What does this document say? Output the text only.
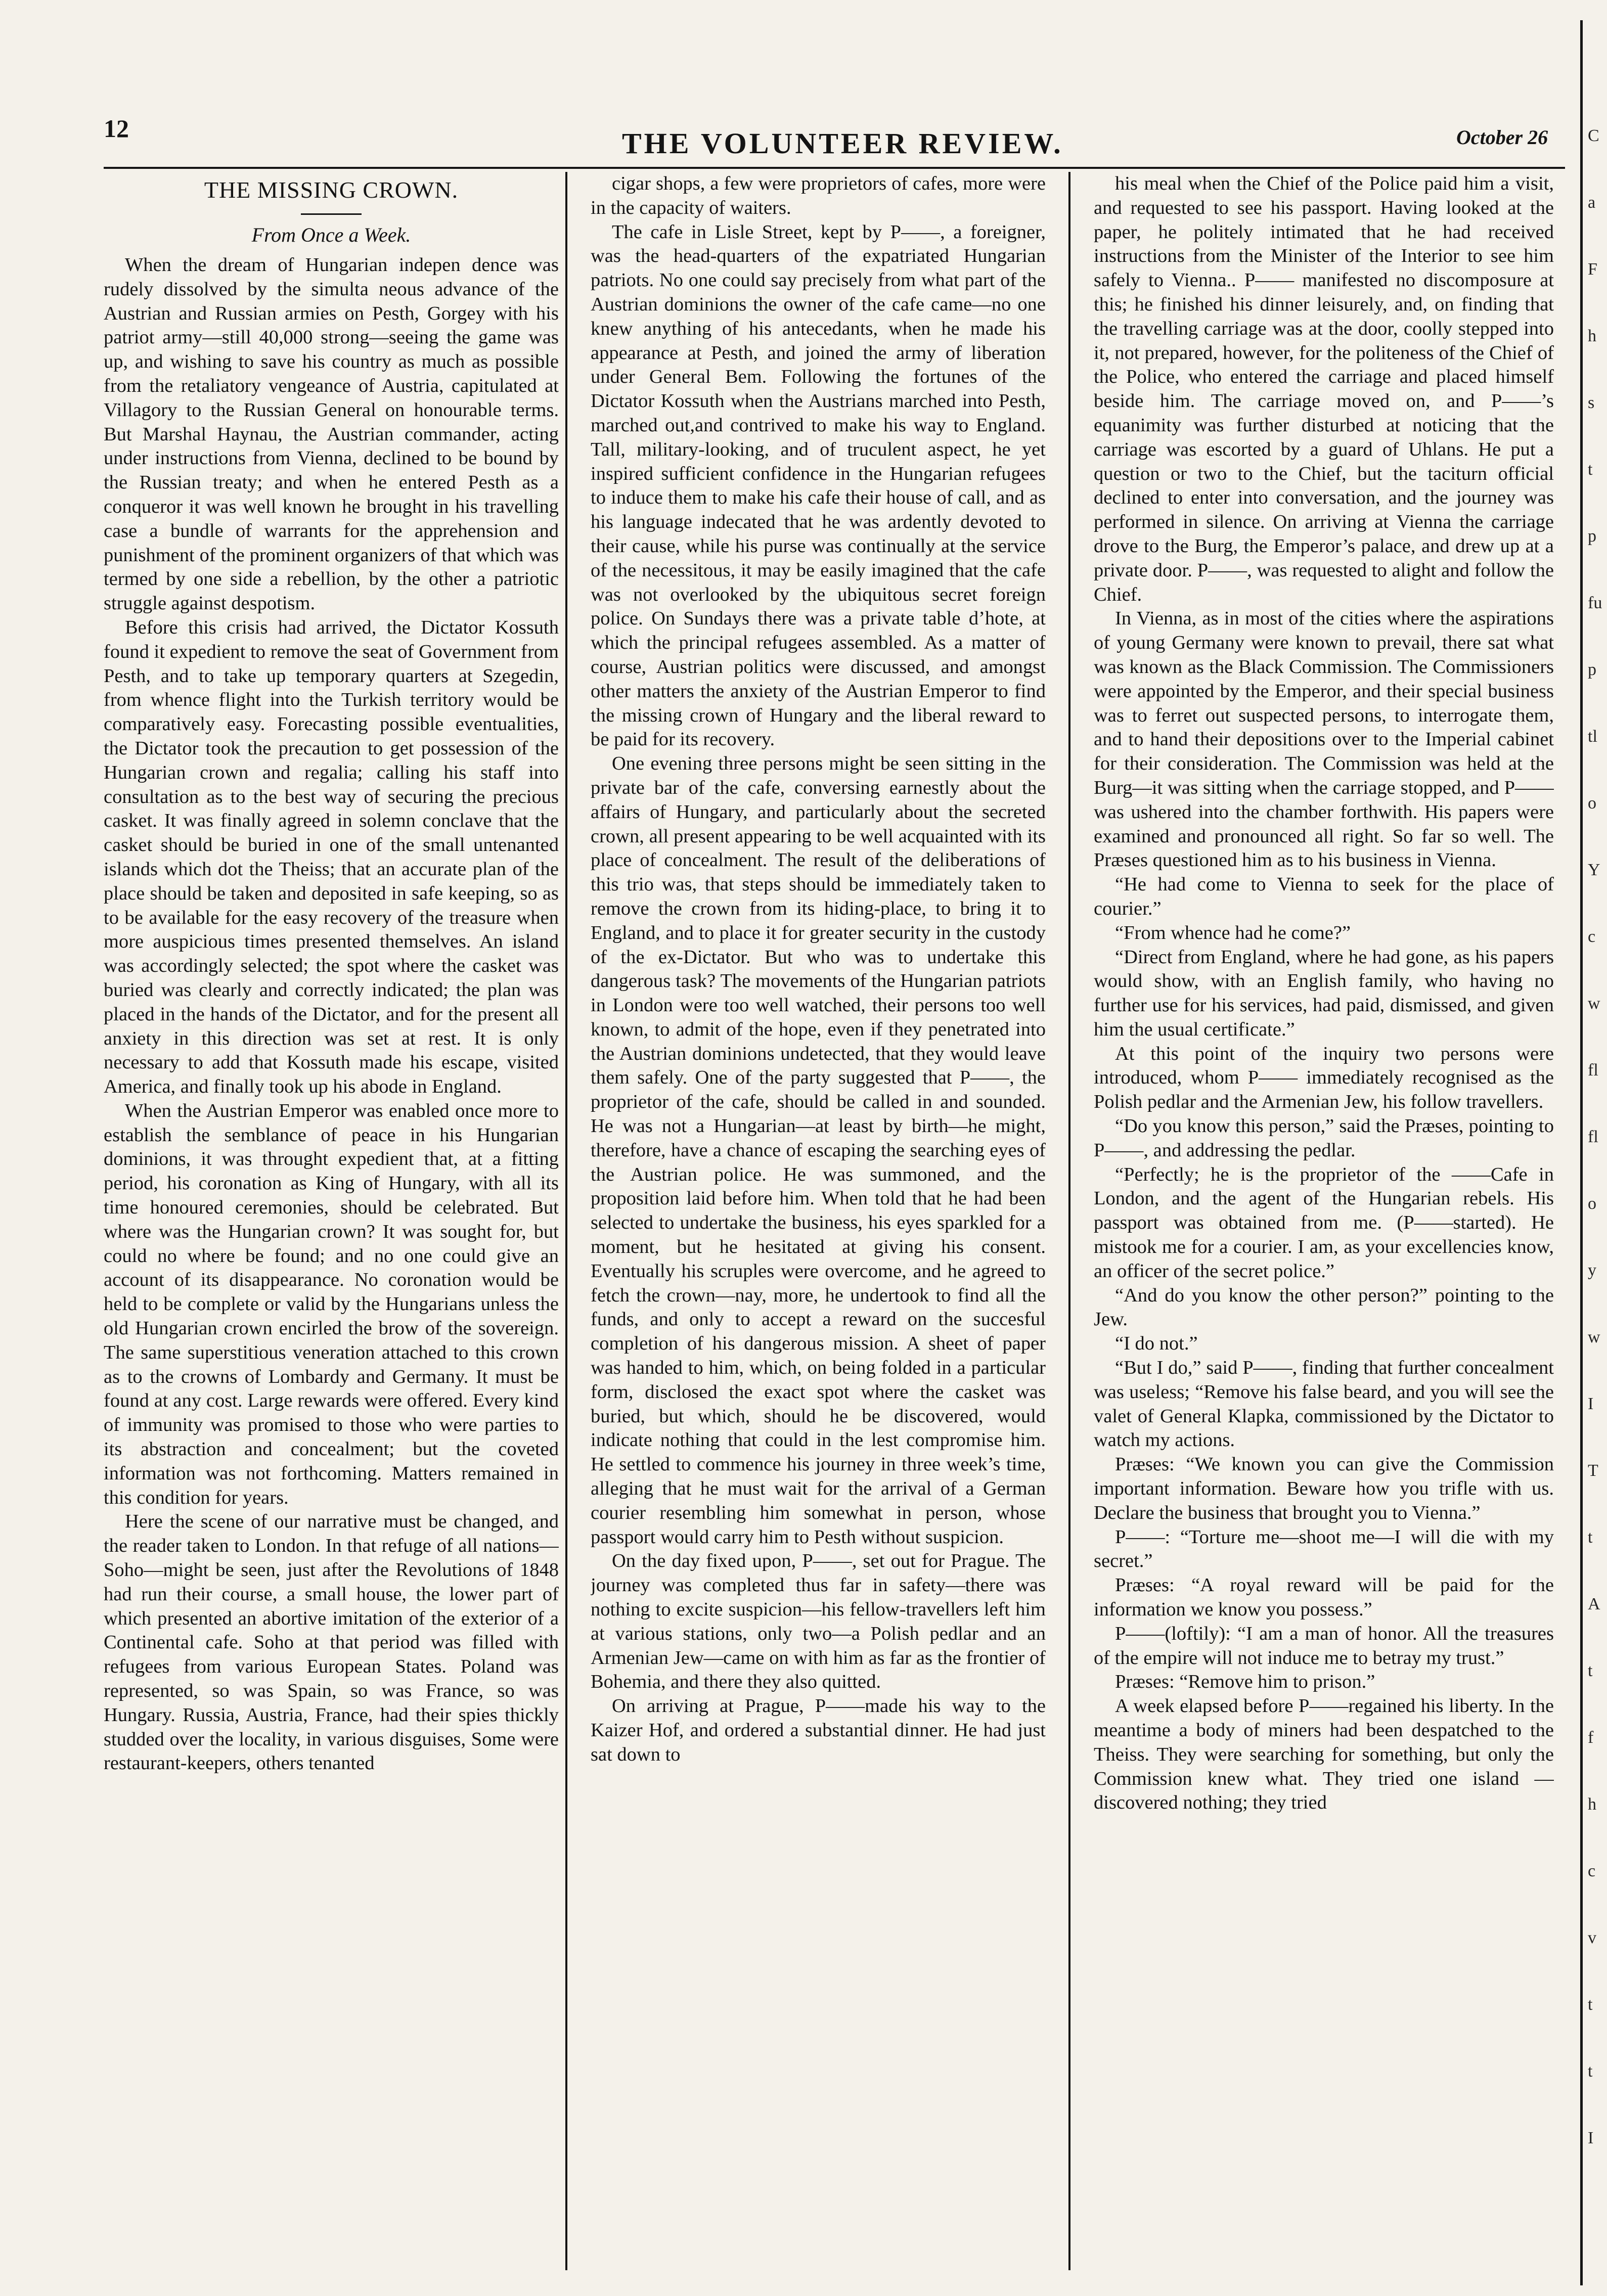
12	THE VOLUNTEER REVIEW.	October 26 C
a
F
h
s
t
p
fu
p
tl
o
Y
c
w
fl
fl
o
y
w
I
T
t
A
t
f
h
c
v
t
t
I
THE MISSING CROWN.
From Once a Week.

When the dream of Hungarian indepen dence was rudely dissolved by the simulta neous advance of the Austrian and Russian armies on Pesth, Gorgey with his patriot army—still 40,000 strong—seeing the game was up, and wishing to save his country as much as possible from the retaliatory vengeance of Austria, capitulated at Villagory to the Russian General on honourable terms. But Marshal Haynau, the Austrian commander, acting under instructions from Vienna, declined to be bound by the Russian treaty; and when he entered Pesth as a conqueror it was well known he brought in his travelling case a bundle of warrants for the apprehension and punishment of the prominent organizers of that which was termed by one side a rebellion, by the other a patriotic struggle against despotism.

Before this crisis had arrived, the Dictator Kossuth found it expedient to remove the seat of Government from Pesth, and to take up temporary quarters at Szegedin, from whence flight into the Turkish territory would be comparatively easy. Forecasting possible eventualities, the Dictator took the precaution to get possession of the Hungarian crown and regalia; calling his staff into consultation as to the best way of securing the precious casket. It was finally agreed in solemn conclave that the casket should be buried in one of the small untenanted islands which dot the Theiss; that an accurate plan of the place should be taken and deposited in safe keeping, so as to be available for the easy recovery of the treasure when more auspicious times presented themselves. An island was accordingly selected; the spot where the casket was buried was clearly and correctly indicated; the plan was placed in the hands of the Dictator, and for the present all anxiety in this direction was set at rest. It is only necessary to add that Kossuth made his escape, visited America, and finally took up his abode in England.

When the Austrian Emperor was enabled once more to establish the semblance of peace in his Hungarian dominions, it was throught expedient that, at a fitting period, his coronation as King of Hungary, with all its time honoured ceremonies, should be celebrated. But where was the Hungarian crown? It was sought for, but could no where be found; and no one could give an account of its disappearance. No coronation would be held to be complete or valid by the Hungarians unless the old Hungarian crown encirled the brow of the sovereign. The same superstitious veneration attached to this crown as to the crowns of Lombardy and Germany. It must be found at any cost. Large rewards were offered. Every kind of immunity was promised to those who were parties to its abstraction and concealment; but the coveted information was not forthcoming. Matters remained in this condition for years.

Here the scene of our narrative must be changed, and the reader taken to London. In that refuge of all nations—Soho—might be seen, just after the Revolutions of 1848 had run their course, a small house, the lower part of which presented an abortive imitation of the exterior of a Continental cafe. Soho at that period was filled with refugees from various European States. Poland was represented, so was Spain, so was France, so was Hungary. Russia, Austria, France, had their spies thickly studded over the locality, in various disguises, Some were restaurant-keepers, others tenanted

cigar shops, a few were proprietors of cafes, more were in the capacity of waiters.

The cafe in Lisle Street, kept by P——, a foreigner, was the head-quarters of the expatriated Hungarian patriots. No one could say precisely from what part of the Austrian dominions the owner of the cafe came—no one knew anything of his antecedants, when he made his appearance at Pesth, and joined the army of liberation under General Bem. Following the fortunes of the Dictator Kossuth when the Austrians marched into Pesth, marched out,and contrived to make his way to England. Tall, military-looking, and of truculent aspect, he yet inspired sufficient confidence in the Hungarian refugees to induce them to make his cafe their house of call, and as his language indecated that he was ardently devoted to their cause, while his purse was continually at the service of the necessitous, it may be easily imagined that the cafe was not overlooked by the ubiquitous secret foreign police. On Sundays there was a private table d’hote, at which the principal refugees assembled. As a matter of course, Austrian politics were discussed, and amongst other matters the anxiety of the Austrian Emperor to find the missing crown of Hungary and the liberal reward to be paid for its recovery.

One evening three persons might be seen sitting in the private bar of the cafe, conversing earnestly about the affairs of Hungary, and particularly about the secreted crown, all present appearing to be well acquainted with its place of concealment. The result of the deliberations of this trio was, that steps should be immediately taken to remove the crown from its hiding-place, to bring it to England, and to place it for greater security in the custody of the ex-Dictator. But who was to undertake this dangerous task? The movements of the Hungarian patriots in London were too well watched, their persons too well known, to admit of the hope, even if they penetrated into the Austrian dominions undetected, that they would leave them safely. One of the party suggested that P——, the proprietor of the cafe, should be called in and sounded. He was not a Hungarian—at least by birth—he might, therefore, have a chance of escaping the searching eyes of the Austrian police. He was summoned, and the proposition laid before him. When told that he had been selected to undertake the business, his eyes sparkled for a moment, but he hesitated at giving his consent. Eventually his scruples were overcome, and he agreed to fetch the crown—nay, more, he undertook to find all the funds, and only to accept a reward on the succesful completion of his dangerous mission. A sheet of paper was handed to him, which, on being folded in a particular form, disclosed the exact spot where the casket was buried, but which, should he be discovered, would indicate nothing that could in the lest compromise him. He settled to commence his journey in three week’s time, alleging that he must wait for the arrival of a German courier resembling him somewhat in person, whose passport would carry him to Pesth without suspicion.

On the day fixed upon, P——, set out for Prague. The journey was completed thus far in safety—there was nothing to excite suspicion—his fellow-travellers left him at various stations, only two—a Polish pedlar and an Armenian Jew—came on with him as far as the frontier of Bohemia, and there they also quitted.

On arriving at Prague, P——made his way to the Kaizer Hof, and ordered a substantial dinner. He had just sat down to

his meal when the Chief of the Police paid him a visit, and requested to see his passport. Having looked at the paper, he politely intimated that he had received instructions from the Minister of the Interior to see him safely to Vienna.. P—— manifested no discomposure at this; he finished his dinner leisurely, and, on finding that the travelling carriage was at the door, coolly stepped into it, not prepared, however, for the politeness of the Chief of the Police, who entered the carriage and placed himself beside him. The carriage moved on, and P——’s equanimity was further disturbed at noticing that the carriage was escorted by a guard of Uhlans. He put a question or two to the Chief, but the taciturn official declined to enter into conversation, and the journey was performed in silence. On arriving at Vienna the carriage drove to the Burg, the Emperor’s palace, and drew up at a private door. P——, was requested to alight and follow the Chief.

In Vienna, as in most of the cities where the aspirations of young Germany were known to prevail, there sat what was known as the Black Commission. The Commissioners were appointed by the Emperor, and their special business was to ferret out suspected persons, to interrogate them, and to hand their depositions over to the Imperial cabinet for their consideration. The Commission was held at the Burg—it was sitting when the carriage stopped, and P—— was ushered into the chamber forthwith. His papers were examined and pronounced all right. So far so well. The Præses questioned him as to his business in Vienna.

“He had come to Vienna to seek for the place of courier.”

“From whence had he come?”

“Direct from England, where he had gone, as his papers would show, with an English family, who having no further use for his services, had paid, dismissed, and given him the usual certificate.”

At this point of the inquiry two persons were introduced, whom P—— immediately recognised as the Polish pedlar and the Armenian Jew, his follow travellers.

“Do you know this person,” said the Præses, pointing to P——, and addressing the pedlar.

“Perfectly; he is the proprietor of the ——Cafe in London, and the agent of the Hungarian rebels. His passport was obtained from me. (P——started). He mistook me for a courier. I am, as your excellencies know, an officer of the secret police.”

“And do you know the other person?” pointing to the Jew.

“I do not.”

“But I do,” said P——, finding that further concealment was useless; “Remove his false beard, and you will see the valet of General Klapka, commissioned by the Dictator to watch my actions.

Præses: “We known you can give the Commission important information. Beware how you trifle with us. Declare the business that brought you to Vienna.”

P——: “Torture me—shoot me—I will die with my secret.”

Præses: “A royal reward will be paid for the information we know you possess.”

P——(loftily): “I am a man of honor. All the treasures of the empire will not induce me to betray my trust.”

Præses: “Remove him to prison.”

A week elapsed before P——regained his liberty. In the meantime a body of miners had been despatched to the Theiss. They were searching for something, but only the Commission knew what. They tried one island — discovered nothing; they tried
